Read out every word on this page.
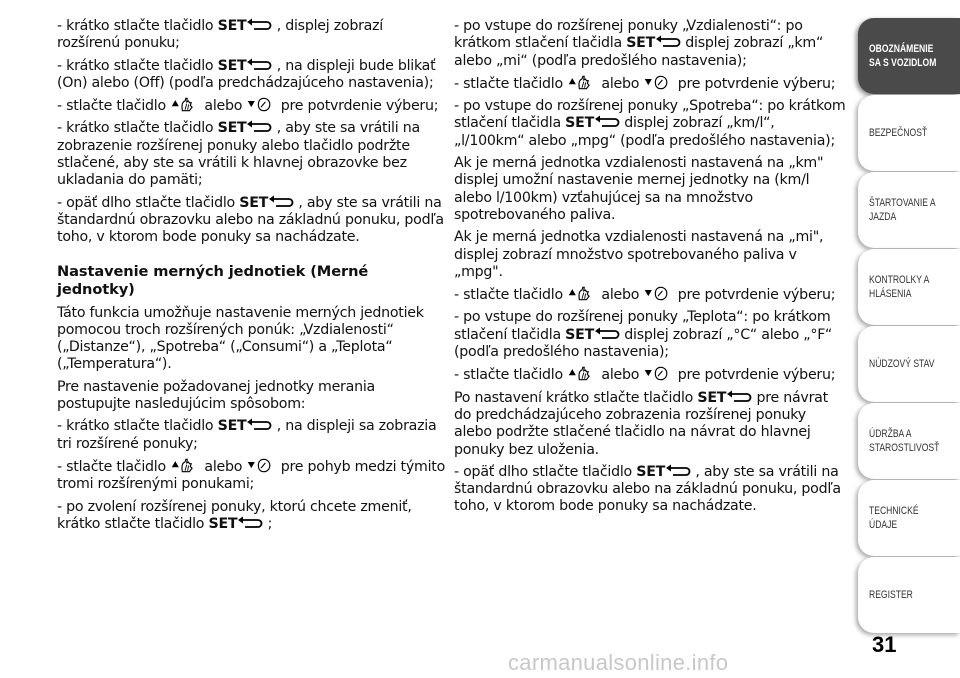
- krátko stlačte tlačidlo SET
, displej zobrazí rozšírenú ponuku;

- krátko stlačte tlačidlo SET
, na displeji bude blikať (On) alebo (Off) (podľa predchádzajúceho nastavenia);

- stlačte tlačidlo
alebo
pre potvrdenie výberu;

- krátko stlačte tlačidlo SET
, aby ste sa vrátili na zobrazenie rozšírenej ponuky alebo tlačidlo podržte stlačené, aby ste sa vrátili k hlavnej obrazovke bez ukladania do pamäti;

- opäť dlho stlačte tlačidlo SET
, aby ste sa vrátili na štandardnú obrazovku alebo na základnú ponuku, podľa toho, v ktorom bode ponuky sa nachádzate.

Nastavenie merných jednotiek (Merné jednotky)

Táto funkcia umožňuje nastavenie merných jednotiek pomocou troch rozšírených ponúk: „Vzdialenosti“ („Distanze“), „Spotreba“ („Consumi“) a „Teplota“ („Temperatura“).

Pre nastavenie požadovanej jednotky merania postupujte nasledujúcim spôsobom:

- krátko stlačte tlačidlo SET
, na displeji sa zobrazia tri rozšírené ponuky;

- stlačte tlačidlo
alebo
pre pohyb medzi týmito tromi rozšírenými ponukami;

- po zvolení rozšírenej ponuky, ktorú chcete zmeniť, krátko stlačte tlačidlo SET
;

- po vstupe do rozšírenej ponuky „Vzdialenosti“: po krátkom stlačení tlačidla SET
displej zobrazí „km“ alebo „mi“ (podľa predošlého nastavenia);

- stlačte tlačidlo
alebo
pre potvrdenie výberu;

- po vstupe do rozšírenej ponuky „Spotreba“: po krátkom stlačení tlačidla SET
displej zobrazí „km/l“, „l/100km“ alebo „mpg“ (podľa predošlého nastavenia);

Ak je merná jednotka vzdialenosti nastavená na „km" displej umožní nastavenie mernej jednotky na (km/l alebo l/100km) vzťahujúcej sa na množstvo spotrebovaného paliva.

Ak je merná jednotka vzdialenosti nastavená na „mi", displej zobrazí množstvo spotrebovaného paliva v „mpg".

- stlačte tlačidlo
alebo
pre potvrdenie výberu;

- po vstupe do rozšírenej ponuky „Teplota“: po krátkom stlačení tlačidla SET
displej zobrazí „°C“ alebo „°F“ (podľa predošlého nastavenia);

- stlačte tlačidlo
alebo
pre potvrdenie výberu;

Po nastavení krátko stlačte tlačidlo SET
pre návrat do predchádzajúceho zobrazenia rozšírenej ponuky alebo podržte stlačené tlačidlo na návrat do hlavnej ponuky bez uloženia.

- opäť dlho stlačte tlačidlo SET
, aby ste sa vrátili na štandardnú obrazovku alebo na základnú ponuku, podľa toho, v ktorom bode ponuky sa nachádzate.

OBOZNÁMENIE
SA S VOZIDLOM
BEZPEČNOSŤ
ŠTARTOVANIE A
JAZDA
KONTROLKY A
HLÁSENIA
NÚDZOVÝ STAV
ÚDRŽBA A
STAROSTLIVOSŤ
TECHNICKÉ ÚDAJE
REGISTER
31
carmanualsonline.info
